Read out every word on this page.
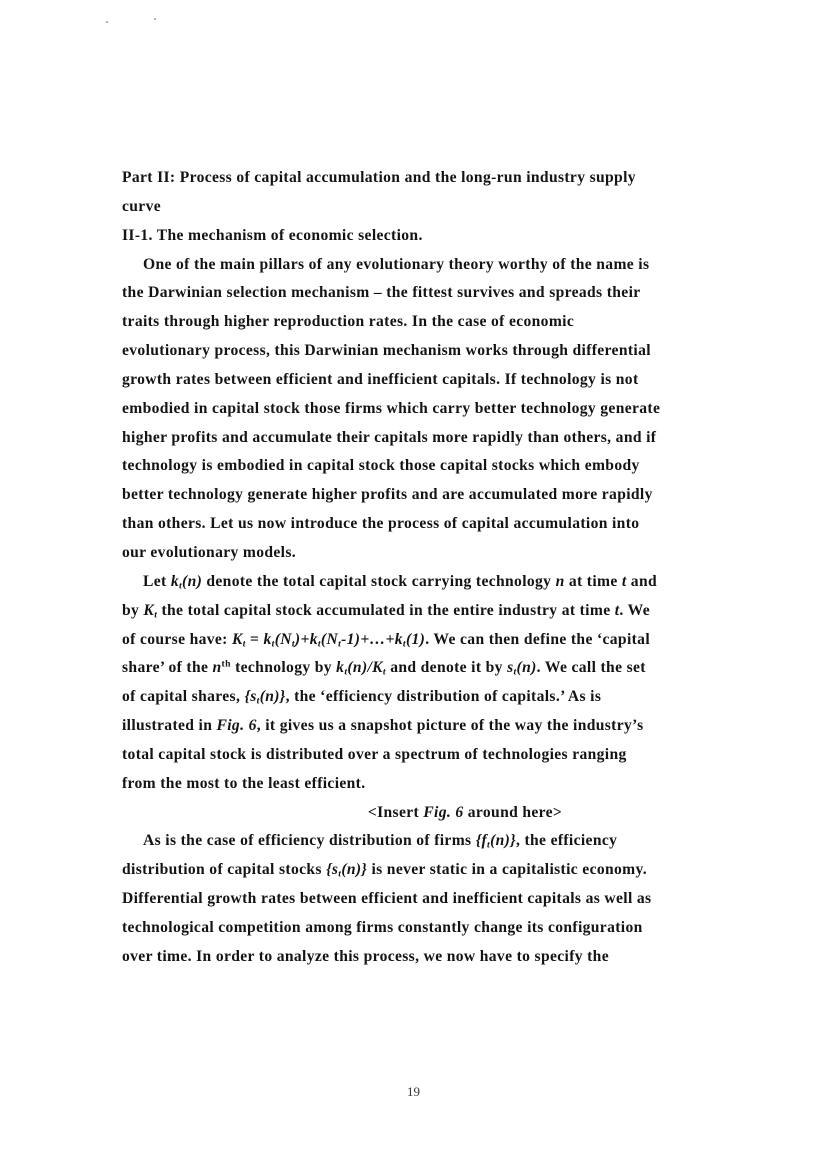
Part II: Process of capital accumulation and the long-run industry supply
curve
II-1. The mechanism of economic selection.
One of the main pillars of any evolutionary theory worthy of the name is
the Darwinian selection mechanism – the fittest survives and spreads their
traits through higher reproduction rates. In the case of economic
evolutionary process, this Darwinian mechanism works through differential
growth rates between efficient and inefficient capitals. If technology is not
embodied in capital stock those firms which carry better technology generate
higher profits and accumulate their capitals more rapidly than others, and if
technology is embodied in capital stock those capital stocks which embody
better technology generate higher profits and are accumulated more rapidly
than others. Let us now introduce the process of capital accumulation into
our evolutionary models.
Let $k_t(n)$ denote the total capital stock carrying technology n at time t and
by $K_t$ the total capital stock accumulated in the entire industry at time t. We
of course have: $K_t$ = $k_t(N_t)+k_t(N_t-1)+\dots+k_t(1)$. We can then define the ‘capital
share’ of the $n^{th}$ technology by $k_t(n)/K_t$ and denote it by $s_t(n)$. We call the set
of capital shares, $\{s_t(n)\}$, the ‘efficiency distribution of capitals.’ As is
illustrated in Fig. 6, it gives us a snapshot picture of the way the industry’s
total capital stock is distributed over a spectrum of technologies ranging
from the most to the least efficient.
<Insert Fig. 6 around here>
As is the case of efficiency distribution of firms $\{f_t(n)\}$, the efficiency
distribution of capital stocks $\{s_t(n)\}$ is never static in a capitalistic economy.
Differential growth rates between efficient and inefficient capitals as well as
technological competition among firms constantly change its configuration
over time. In order to analyze this process, we now have to specify the
19
